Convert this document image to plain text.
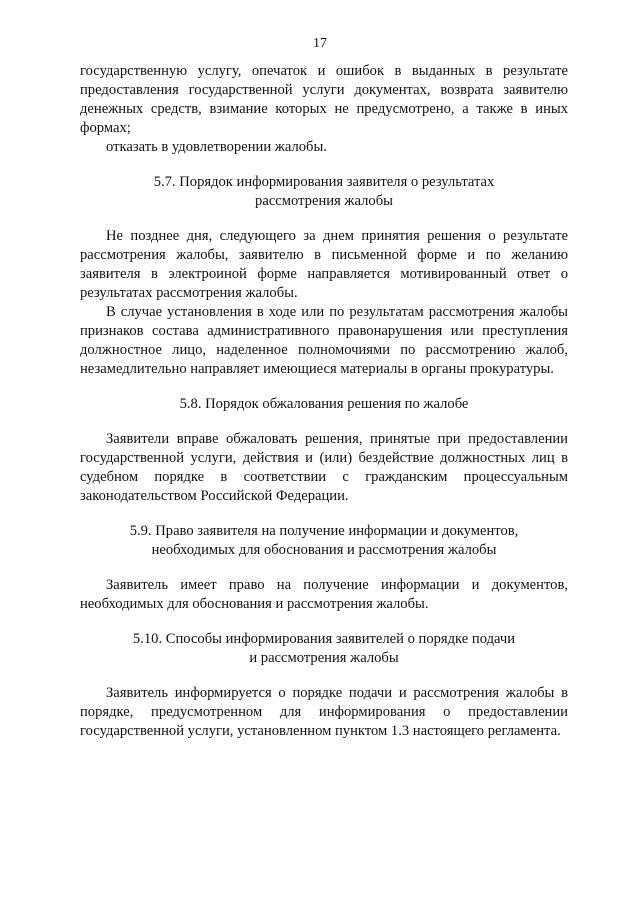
17

государственную услугу, опечаток и ошибок в выданных в результате предоставления государственной услуги документах, возврата заявителю денежных средств, взимание которых не предусмотрено, а также в иных формах;

отказать в удовлетворении жалобы.

5.7. Порядок информирования заявителя о результатах
рассмотрения жалобы

Не позднее дня, следующего за днем принятия решения о результате рассмотрения жалобы, заявителю в письменной форме и по желанию заявителя в электроиной форме направляется мотивированный ответ о результатах рассмотрения жалобы.

В случае установления в ходе или по результатам рассмотрения жалобы признаков состава административного правонарушения или преступления должностное лицо, наделенное полномочиями по рассмотрению жалоб, незамедлительно направляет имеющиеся материалы в органы прокуратуры.

5.8. Порядок обжалования решения по жалобе

Заявители вправе обжаловать решения, принятые при предоставлении государственной услуги, действия и (или) бездействие должностных лиц в судебном порядке в соответствии с гражданским процессуальным законодательством Российской Федерации.

5.9. Право заявителя на получение информации и документов,
необходимых для обоснования и рассмотрения жалобы

Заявитель имеет право на получение информации и документов, необходимых для обоснования и рассмотрения жалобы.

5.10. Способы информирования заявителей о порядке подачи
и рассмотрения жалобы

Заявитель информируется о порядке подачи и рассмотрения жалобы в порядке, предусмотренном для информирования о предоставлении государственной услуги, установленном пунктом 1.3 настоящего регламента.
